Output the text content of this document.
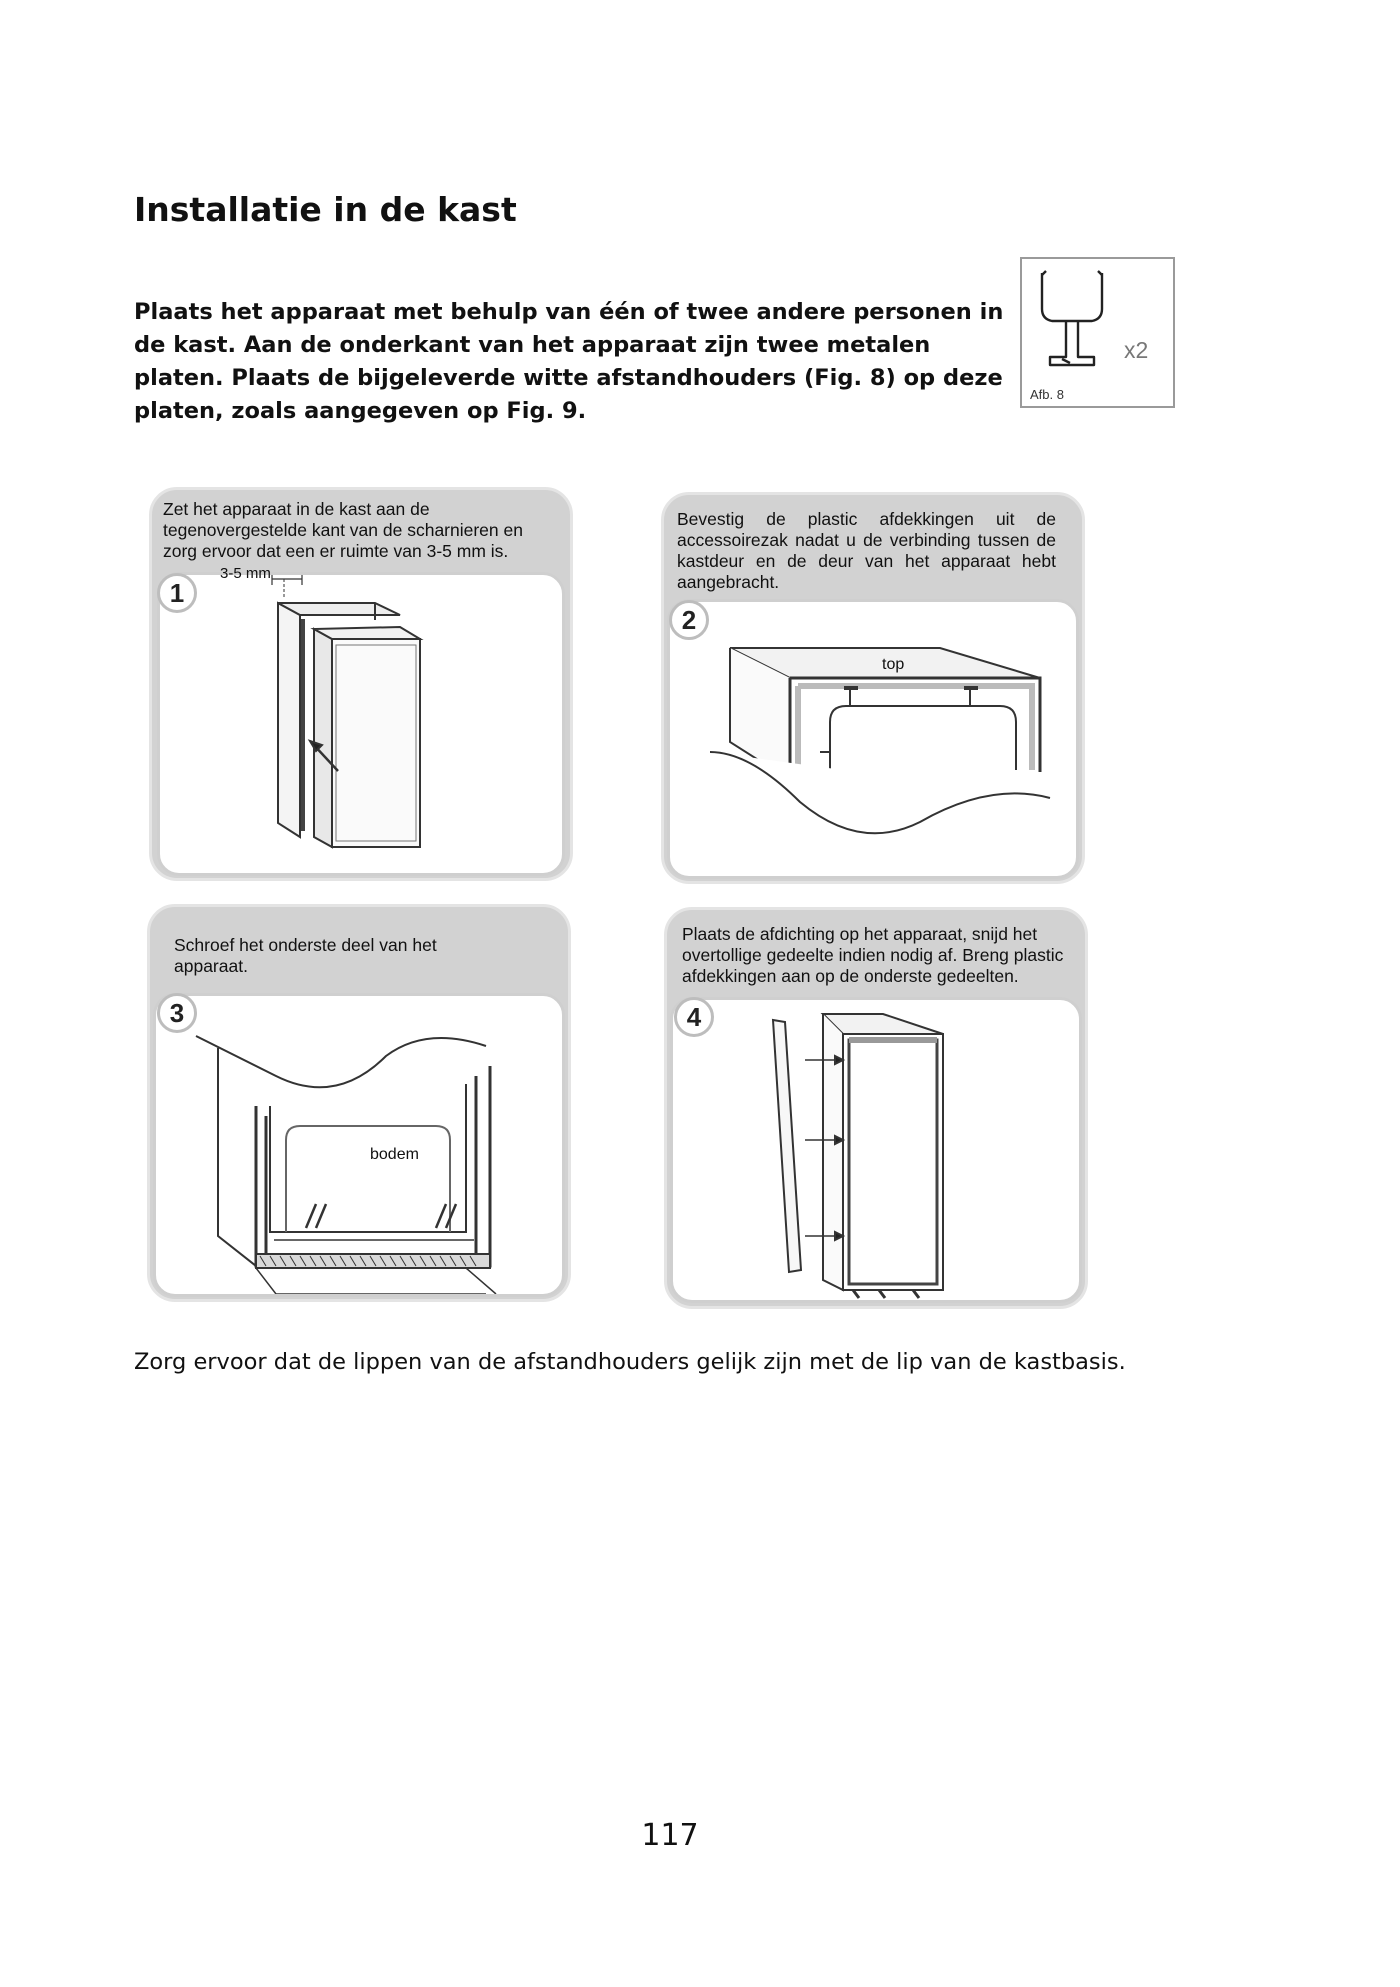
Installatie in de kast

Plaats het apparaat met behulp van één of twee andere personen in de kast. Aan de onderkant van het apparaat zijn twee metalen platen. Plaats de bijgeleverde witte afstandhouders (Fig. 8) op deze platen, zoals aangegeven op Fig. 9.

x2
Afb. 8

Zet het apparaat in de kast aan de tegenovergestelde kant van de scharnieren en zorg ervoor dat een er ruimte van 3-5 mm is.

3-5 mm
1

Bevestig de plastic afdekkingen uit de accessoirezak nadat u de verbinding tussen de kastdeur en de deur van het apparaat hebt aangebracht.

top
2

Schroef het onderste deel van het apparaat.

bodem
3

Plaats de afdichting op het apparaat, snijd het overtollige gedeelte indien nodig af. Breng plastic afdekkingen aan op de onderste gedeelten.

4

Zorg ervoor dat de lippen van de afstandhouders gelijk zijn met de lip van de kastbasis.

117
